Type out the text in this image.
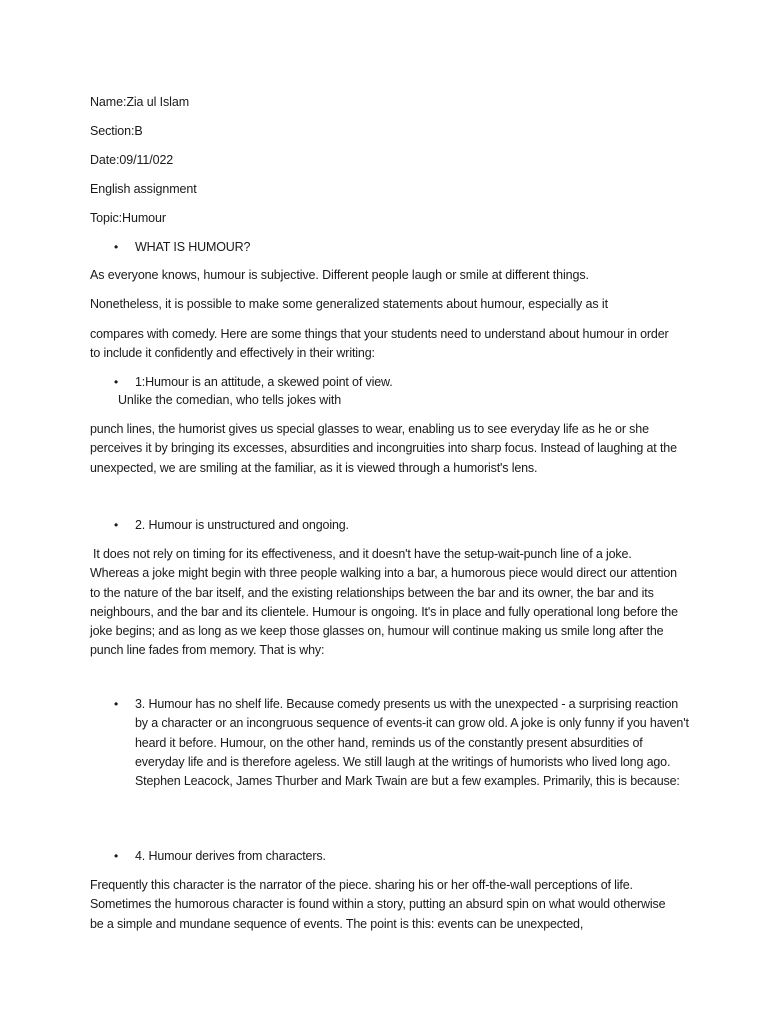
Name:Zia ul Islam

Section:B

Date:09/11/022

English assignment

Topic:Humour

• WHAT IS HUMOUR?

As everyone knows, humour is subjective. Different people laugh or smile at different things.

Nonetheless, it is possible to make some generalized statements about humour, especially as it

compares with comedy. Here are some things that your students need to understand about humour in order to include it confidently and effectively in their writing:

• 1:Humour is an attitude, a skewed point of view.

Unlike the comedian, who tells jokes with

punch lines, the humorist gives us special glasses to wear, enabling us to see everyday life as he or she perceives it by bringing its excesses, absurdities and incongruities into sharp focus. Instead of laughing at the unexpected, we are smiling at the familiar, as it is viewed through a humorist's lens.

• 2. Humour is unstructured and ongoing.

It does not rely on timing for its effectiveness, and it doesn't have the setup-wait-punch line of a joke. Whereas a joke might begin with three people walking into a bar, a humorous piece would direct our attention to the nature of the bar itself, and the existing relationships between the bar and its owner, the bar and its neighbours, and the bar and its clientele. Humour is ongoing. It's in place and fully operational long before the joke begins; and as long as we keep those glasses on, humour will continue making us smile long after the punch line fades from memory. That is why:

• 3. Humour has no shelf life. Because comedy presents us with the unexpected - a surprising reaction by a character or an incongruous sequence of events-it can grow old. A joke is only funny if you haven't heard it before. Humour, on the other hand, reminds us of the constantly present absurdities of everyday life and is therefore ageless. We still laugh at the writings of humorists who lived long ago. Stephen Leacock, James Thurber and Mark Twain are but a few examples. Primarily, this is because:

• 4. Humour derives from characters.

Frequently this character is the narrator of the piece. sharing his or her off-the-wall perceptions of life. Sometimes the humorous character is found within a story, putting an absurd spin on what would otherwise be a simple and mundane sequence of events. The point is this: events can be unexpected,
